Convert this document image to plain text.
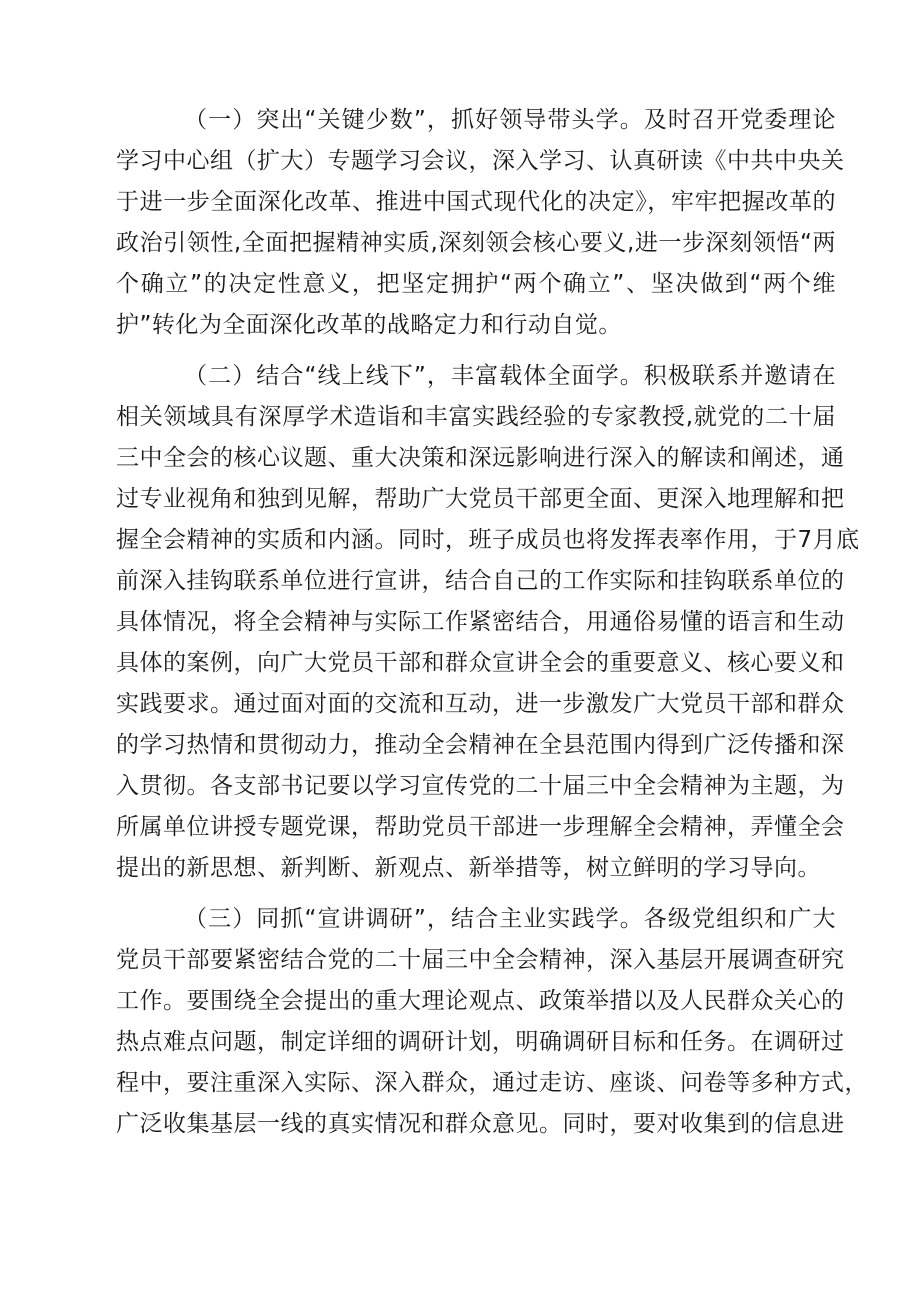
（一）突出“关键少数”，抓好领导带头学。及时召开党委理论
学习中心组（扩大）专题学习会议，深入学习、认真研读《中共中央关
于进一步全面深化改革、推进中国式现代化的决定》，牢牢把握改革的
政治引领性,全面把握精神实质,深刻领会核心要义,进一步深刻领悟“两
个确立”的决定性意义，把坚定拥护“两个确立”、坚决做到“两个维
护”转化为全面深化改革的战略定力和行动自觉。
（二）结合“线上线下”，丰富载体全面学。积极联系并邀请在
相关领域具有深厚学术造诣和丰富实践经验的专家教授,就党的二十届
三中全会的核心议题、重大决策和深远影响进行深入的解读和阐述，通
过专业视角和独到见解，帮助广大党员干部更全面、更深入地理解和把
握全会精神的实质和内涵。同时，班子成员也将发挥表率作用，于7月底
前深入挂钩联系单位进行宣讲，结合自己的工作实际和挂钩联系单位的
具体情况，将全会精神与实际工作紧密结合，用通俗易懂的语言和生动
具体的案例，向广大党员干部和群众宣讲全会的重要意义、核心要义和
实践要求。通过面对面的交流和互动，进一步激发广大党员干部和群众
的学习热情和贯彻动力，推动全会精神在全县范围内得到广泛传播和深
入贯彻。各支部书记要以学习宣传党的二十届三中全会精神为主题，为
所属单位讲授专题党课，帮助党员干部进一步理解全会精神，弄懂全会
提出的新思想、新判断、新观点、新举措等，树立鲜明的学习导向。
（三）同抓“宣讲调研”，结合主业实践学。各级党组织和广大
党员干部要紧密结合党的二十届三中全会精神，深入基层开展调查研究
工作。要围绕全会提出的重大理论观点、政策举措以及人民群众关心的
热点难点问题，制定详细的调研计划，明确调研目标和任务。在调研过
程中，要注重深入实际、深入群众，通过走访、座谈、问卷等多种方式，
广泛收集基层一线的真实情况和群众意见。同时，要对收集到的信息进
